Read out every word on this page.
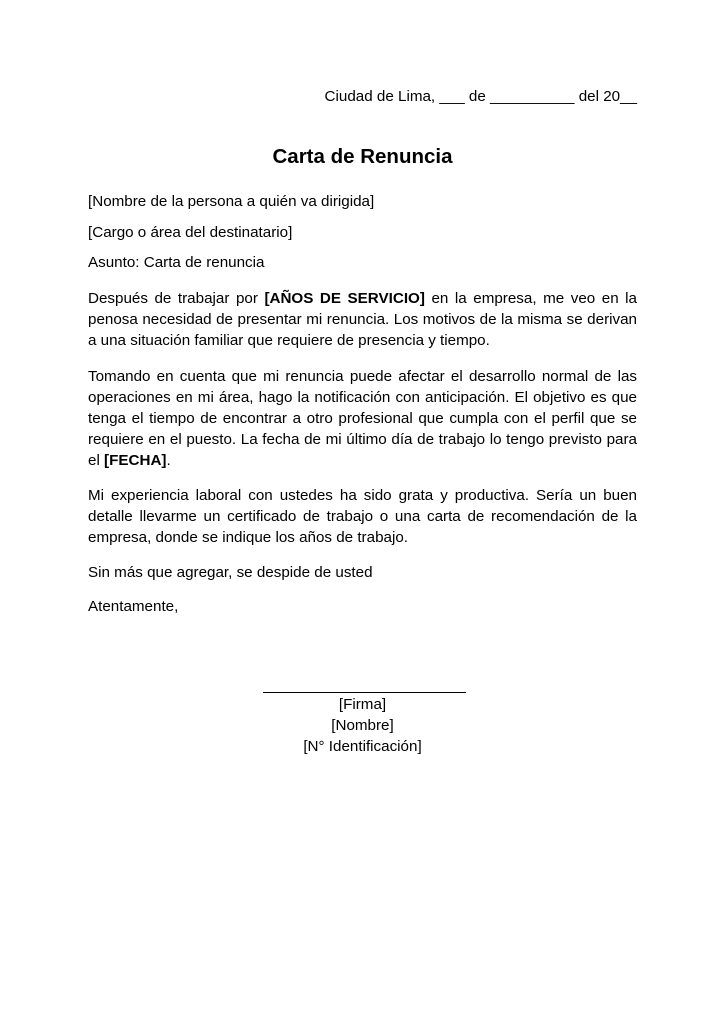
Ciudad de Lima, ___ de __________ del 20__
Carta de Renuncia
[Nombre de la persona a quién va dirigida]
[Cargo o área del destinatario]
Asunto: Carta de renuncia
Después de trabajar por [AÑOS DE SERVICIO] en la empresa, me veo en la penosa necesidad de presentar mi renuncia. Los motivos de la misma se derivan a una situación familiar que requiere de presencia y tiempo.
Tomando en cuenta que mi renuncia puede afectar el desarrollo normal de las operaciones en mi área, hago la notificación con anticipación. El objetivo es que tenga el tiempo de encontrar a otro profesional que cumpla con el perfil que se requiere en el puesto. La fecha de mi último día de trabajo lo tengo previsto para el [FECHA].
Mi experiencia laboral con ustedes ha sido grata y productiva. Sería un buen detalle llevarme un certificado de trabajo o una carta de recomendación de la empresa, donde se indique los años de trabajo.
Sin más que agregar, se despide de usted
Atentamente,
[Firma]
[Nombre]
[N° Identificación]
